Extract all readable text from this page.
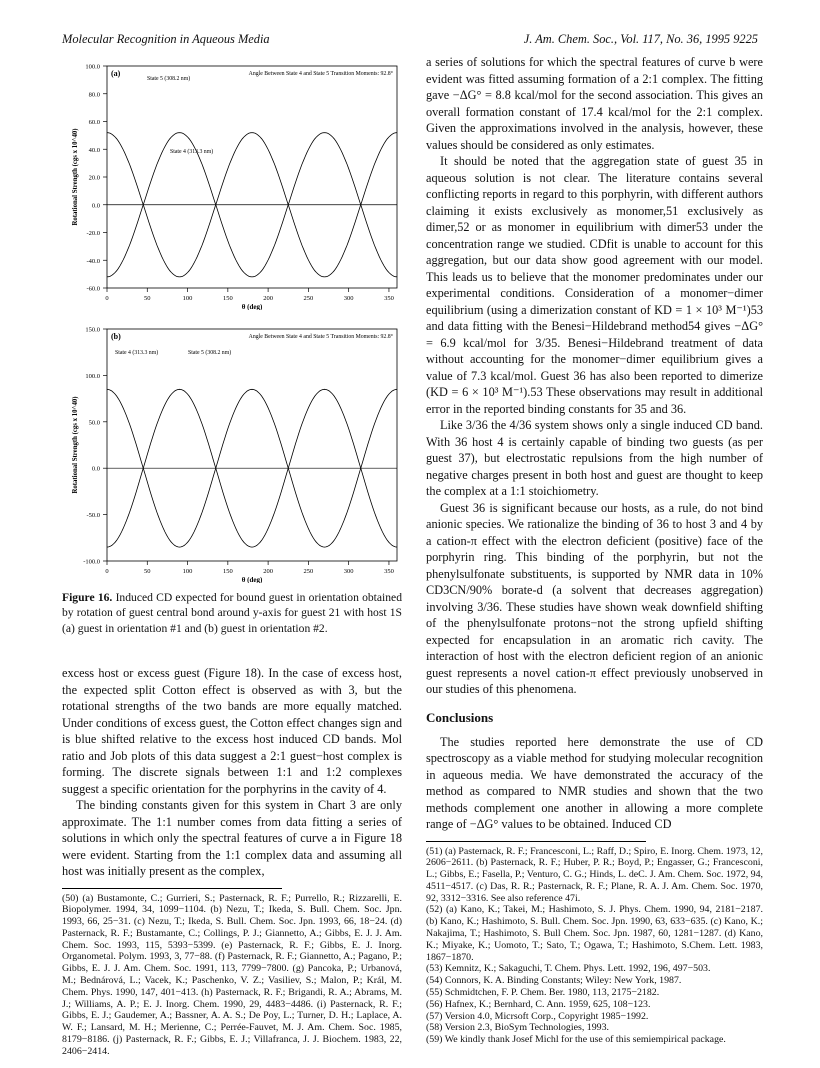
Molecular Recognition in Aqueous Media	J. Am. Chem. Soc., Vol. 117, No. 36, 1995 9225
100.0
80.0
60.0
40.0
20.0
0.0
-20.0
-40.0
-60.0
0	50	100	150	200	250	300	350
θ (deg)
Rotational Strength (cgs x 10^40)
(a)	Angle Between State 4 and State 5 Transition Moments: 92.8°
State 5 (308.2 nm)
State 4 (313.3 nm)

150.0
100.0
50.0
0.0
-50.0
-100.0
0	50	100	150	200	250	300	350
θ (deg)
Rotational Strength (cgs x 10^40)
(b)	Angle Between State 4 and State 5 Transition Moments: 92.8°
State 4 (313.3 nm)	State 5 (308.2 nm)

Figure 16. Induced CD expected for bound guest in orientation obtained by rotation of guest central bond around y-axis for guest 21 with host 1S (a) guest in orientation #1 and (b) guest in orientation #2.

excess host or excess guest (Figure 18). In the case of excess host, the expected split Cotton effect is observed as with 3, but the rotational strengths of the two bands are more equally matched. Under conditions of excess guest, the Cotton effect changes sign and is blue shifted relative to the excess host induced CD bands. Mol ratio and Job plots of this data suggest a 2:1 guest−host complex is forming. The discrete signals between 1:1 and 1:2 complexes suggest a specific orientation for the porphyrins in the cavity of 4.

The binding constants given for this system in Chart 3 are only approximate. The 1:1 number comes from data fitting a series of solutions in which only the spectral features of curve a in Figure 18 were evident. Starting from the 1:1 complex data and assuming all host was initially present as the complex,

(50) (a) Bustamonte, C.; Gurrieri, S.; Pasternack, R. F.; Purrello, R.; Rizzarelli, E. Biopolymer. 1994, 34, 1099−1104. (b) Nezu, T.; Ikeda, S. Bull. Chem. Soc. Jpn. 1993, 66, 25−31. (c) Nezu, T.; Ikeda, S. Bull. Chem. Soc. Jpn. 1993, 66, 18−24. (d) Pasternack, R. F.; Bustamante, C.; Collings, P. J.; Giannetto, A.; Gibbs, E. J. J. Am. Chem. Soc. 1993, 115, 5393−5399. (e) Pasternack, R. F.; Gibbs, E. J. Inorg. Organometal. Polym. 1993, 3, 77−88. (f) Pasternack, R. F.; Giannetto, A.; Pagano, P.; Gibbs, E. J. J. Am. Chem. Soc. 1991, 113, 7799−7800. (g) Pancoka, P.; Urbanová, M.; Bednárová, L.; Vacek, K.; Paschenko, V. Z.; Vasiliev, S.; Malon, P.; Král, M. Chem. Phys. 1990, 147, 401−413. (h) Pasternack, R. F.; Brigandi, R. A.; Abrams, M. J.; Williams, A. P.; E. J. Inorg. Chem. 1990, 29, 4483−4486. (i) Pasternack, R. F.; Gibbs, E. J.; Gaudemer, A.; Bassner, A. A. S.; De Poy, L.; Turner, D. H.; Laplace, A. W. F.; Lansard, M. H.; Merienne, C.; Perrée-Fauvet, M. J. Am. Chem. Soc. 1985, 8179−8186. (j) Pasternack, R. F.; Gibbs, E. J.; Villafranca, J. J. Biochem. 1983, 22, 2406−2414.

a series of solutions for which the spectral features of curve b were evident was fitted assuming formation of a 2:1 complex. The fitting gave −ΔG° = 8.8 kcal/mol for the second association. This gives an overall formation constant of 17.4 kcal/mol for the 2:1 complex. Given the approximations involved in the analysis, however, these values should be considered as only estimates.

It should be noted that the aggregation state of guest 35 in aqueous solution is not clear. The literature contains several conflicting reports in regard to this porphyrin, with different authors claiming it exists exclusively as monomer,51 exclusively as dimer,52 or as monomer in equilibrium with dimer53 under the concentration range we studied. CDfit is unable to account for this aggregation, but our data show good agreement with our model. This leads us to believe that the monomer predominates under our experimental conditions. Consideration of a monomer−dimer equilibrium (using a dimerization constant of KD = 1 × 10³ M⁻¹)53 and data fitting with the Benesi−Hildebrand method54 gives −ΔG° = 6.9 kcal/mol for 3/35. Benesi−Hildebrand treatment of data without accounting for the monomer−dimer equilibrium gives a value of 7.3 kcal/mol. Guest 36 has also been reported to dimerize (KD = 6 × 10³ M⁻¹).53 These observations may result in additional error in the reported binding constants for 35 and 36.

Like 3/36 the 4/36 system shows only a single induced CD band. With 36 host 4 is certainly capable of binding two guests (as per guest 37), but electrostatic repulsions from the high number of negative charges present in both host and guest are thought to keep the complex at a 1:1 stoichiometry.

Guest 36 is significant because our hosts, as a rule, do not bind anionic species. We rationalize the binding of 36 to host 3 and 4 by a cation-π effect with the electron deficient (positive) face of the porphyrin ring. This binding of the porphyrin, but not the phenylsulfonate substituents, is supported by NMR data in 10% CD3CN/90% borate-d (a solvent that decreases aggregation) involving 3/36. These studies have shown weak downfield shifting of the phenylsulfonate protons−not the strong upfield shifting expected for encapsulation in an aromatic rich cavity. The interaction of host with the electron deficient region of an anionic guest represents a novel cation-π effect previously unobserved in our studies of this phenomena.

Conclusions

The studies reported here demonstrate the use of CD spectroscopy as a viable method for studying molecular recognition in aqueous media. We have demonstrated the accuracy of the method as compared to NMR studies and shown that the two methods complement one another in allowing a more complete range of −ΔG° values to be obtained. Induced CD

(51) (a) Pasternack, R. F.; Francesconi, L.; Raff, D.; Spiro, E. Inorg. Chem. 1973, 12, 2606−2611. (b) Pasternack, R. F.; Huber, P. R.; Boyd, P.; Engasser, G.; Francesconi, L.; Gibbs, E.; Fasella, P.; Venturo, C. G.; Hinds, L. deC. J. Am. Chem. Soc. 1972, 94, 4511−4517. (c) Das, R. R.; Pasternack, R. F.; Plane, R. A. J. Am. Chem. Soc. 1970, 92, 3312−3316. See also reference 47i.
(52) (a) Kano, K.; Takei, M.; Hashimoto, S. J. Phys. Chem. 1990, 94, 2181−2187. (b) Kano, K.; Hashimoto, S. Bull. Chem. Soc. Jpn. 1990, 63, 633−635. (c) Kano, K.; Nakajima, T.; Hashimoto, S. Bull Chem. Soc. Jpn. 1987, 60, 1281−1287. (d) Kano, K.; Miyake, K.; Uomoto, T.; Sato, T.; Ogawa, T.; Hashimoto, S.Chem. Lett. 1983, 1867−1870.
(53) Kemnitz, K.; Sakaguchi, T. Chem. Phys. Lett. 1992, 196, 497−503.
(54) Connors, K. A. Binding Constants; Wiley: New York, 1987.
(55) Schmidtchen, F. P. Chem. Ber. 1980, 113, 2175−2182.
(56) Hafnex, K.; Bernhard, C. Ann. 1959, 625, 108−123.
(57) Version 4.0, Micrsoft Corp., Copyright 1985−1992.
(58) Version 2.3, BioSym Technologies, 1993.
(59) We kindly thank Josef Michl for the use of this semiempirical package.
